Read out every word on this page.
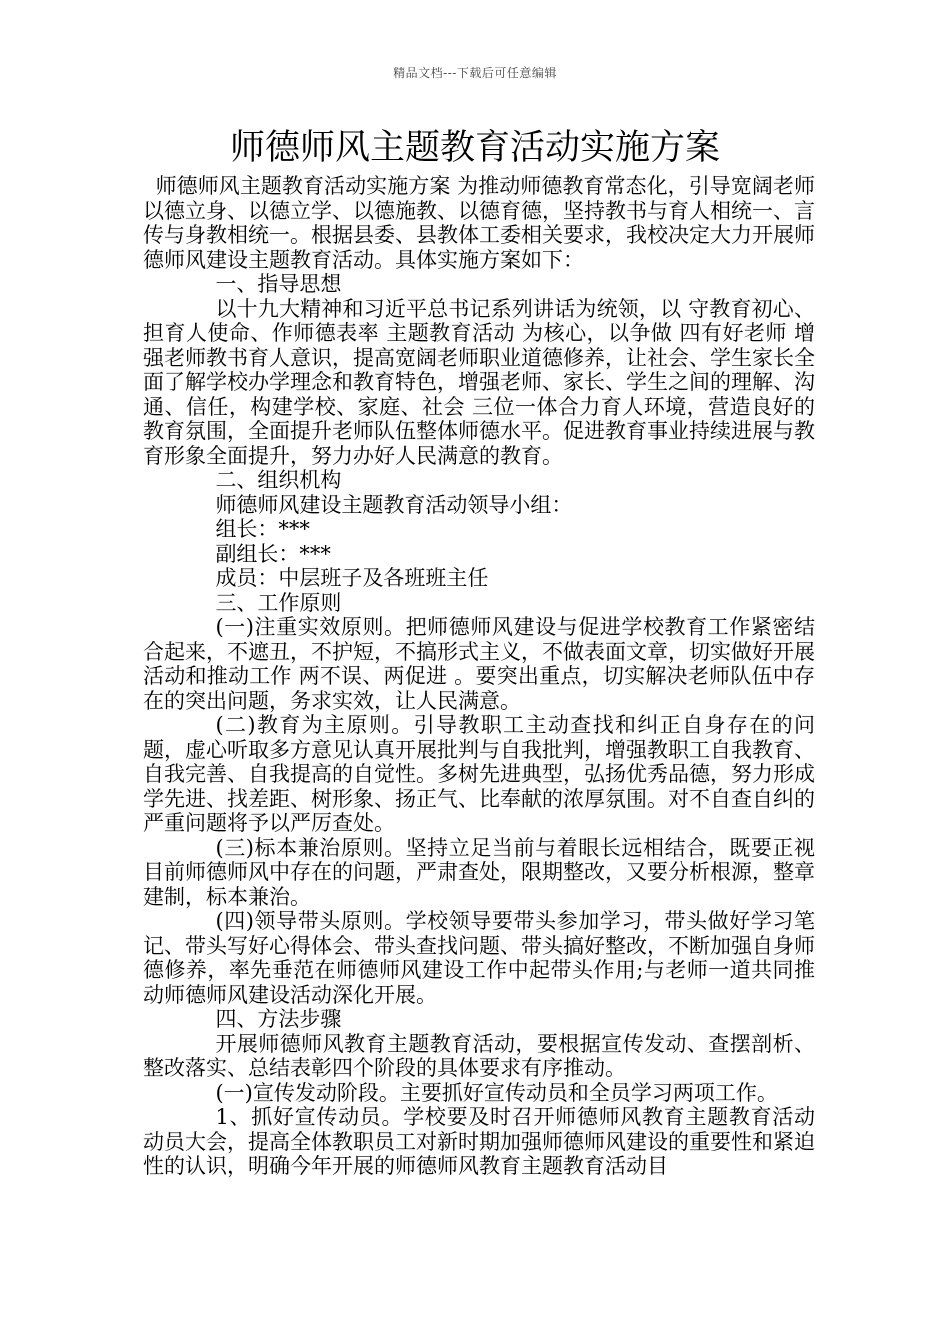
精品文档---下载后可任意编辑
师德师风主题教育活动实施方案

师德师风主题教育活动实施方案 为推动师德教育常态化，引导宽阔老师以德立身、以德立学、以德施教、以德育德，坚持教书与育人相统一、言传与身教相统一。根据县委、县教体工委相关要求，我校决定大力开展师德师风建设主题教育活动。具体实施方案如下：

一、指导思想

以十九大精神和习近平总书记系列讲话为统领，以 守教育初心、担育人使命、作师德表率 主题教育活动 为核心，以争做 四有好老师 增强老师教书育人意识，提高宽阔老师职业道德修养，让社会、学生家长全面了解学校办学理念和教育特色，增强老师、家长、学生之间的理解、沟通、信任，构建学校、家庭、社会 三位一体合力育人环境，营造良好的教育氛围，全面提升老师队伍整体师德水平。促进教育事业持续进展与教育形象全面提升，努力办好人民满意的教育。

二、组织机构

师德师风建设主题教育活动领导小组：

组长：***

副组长：***

成员：中层班子及各班班主任

三、工作原则

(一)注重实效原则。把师德师风建设与促进学校教育工作紧密结合起来，不遮丑，不护短，不搞形式主义，不做表面文章，切实做好开展活动和推动工作 两不误、两促进 。要突出重点，切实解决老师队伍中存在的突出问题，务求实效，让人民满意。

(二)教育为主原则。引导教职工主动查找和纠正自身存在的问题，虚心听取多方意见认真开展批判与自我批判，增强教职工自我教育、自我完善、自我提高的自觉性。多树先进典型，弘扬优秀品德，努力形成学先进、找差距、树形象、扬正气、比奉献的浓厚氛围。对不自查自纠的严重问题将予以严厉查处。

(三)标本兼治原则。坚持立足当前与着眼长远相结合，既要正视目前师德师风中存在的问题，严肃查处，限期整改，又要分析根源，整章建制，标本兼治。

(四)领导带头原则。学校领导要带头参加学习，带头做好学习笔记、带头写好心得体会、带头查找问题、带头搞好整改，不断加强自身师德修养，率先垂范在师德师风建设工作中起带头作用;与老师一道共同推动师德师风建设活动深化开展。

四、方法步骤

开展师德师风教育主题教育活动，要根据宣传发动、查摆剖析、整改落实、总结表彰四个阶段的具体要求有序推动。

(一)宣传发动阶段。主要抓好宣传动员和全员学习两项工作。

1、抓好宣传动员。学校要及时召开师德师风教育主题教育活动动员大会，提高全体教职员工对新时期加强师德师风建设的重要性和紧迫性的认识，明确今年开展的师德师风教育主题教育活动目
